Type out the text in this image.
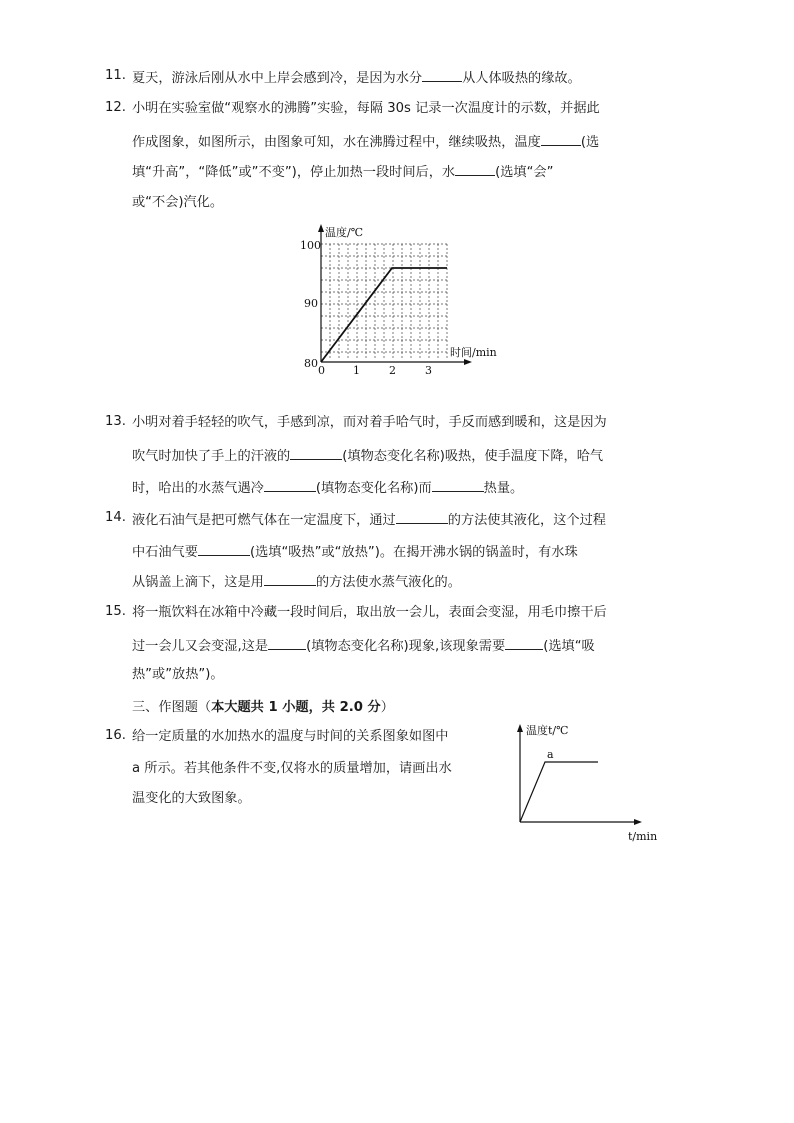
11. 夏天，游泳后刚从水中上岸会感到冷，是因为水分	从人体吸热的缘故。
12. 小明在实验室做“观察水的沸腾”实验，每隔 30s 记录一次温度计的示数，并据此
作成图象，如图所示，由图象可知，水在沸腾过程中，继续吸热，温度	(选
填“升高”，“降低”或”不变”)，停止加热一段时间后，水	(选填“会”
或“不会)汽化。
温度/℃
时间/min
100
90
80
0	1	2	3
13. 小明对着手轻轻的吹气，手感到凉，而对着手哈气时，手反而感到暖和，这是因为
吹气时加快了手上的汗液的	(填物态变化名称)吸热，使手温度下降，哈气
时，哈出的水蒸气遇冷	(填物态变化名称)而	热量。
14. 液化石油气是把可燃气体在一定温度下，通过	的方法使其液化，这个过程
中石油气要	(选填“吸热”或“放热”)。在揭开沸水锅的锅盖时，有水珠
从锅盖上滴下，这是用	的方法使水蒸气液化的。
15. 将一瓶饮料在冰箱中冷藏一段时间后，取出放一会儿，表面会变湿，用毛巾擦干后
过一会儿又会变湿,这是	(填物态变化名称)现象,该现象需要	(选填“吸
热”或”放热”)。
三、作图题（本大题共 1 小题，共 2.0 分）
16. 给一定质量的水加热水的温度与时间的关系图象如图中
a 所示。若其他条件不变,仅将水的质量增加，请画出水
温变化的大致图象。
温度t/℃
a
t/min
